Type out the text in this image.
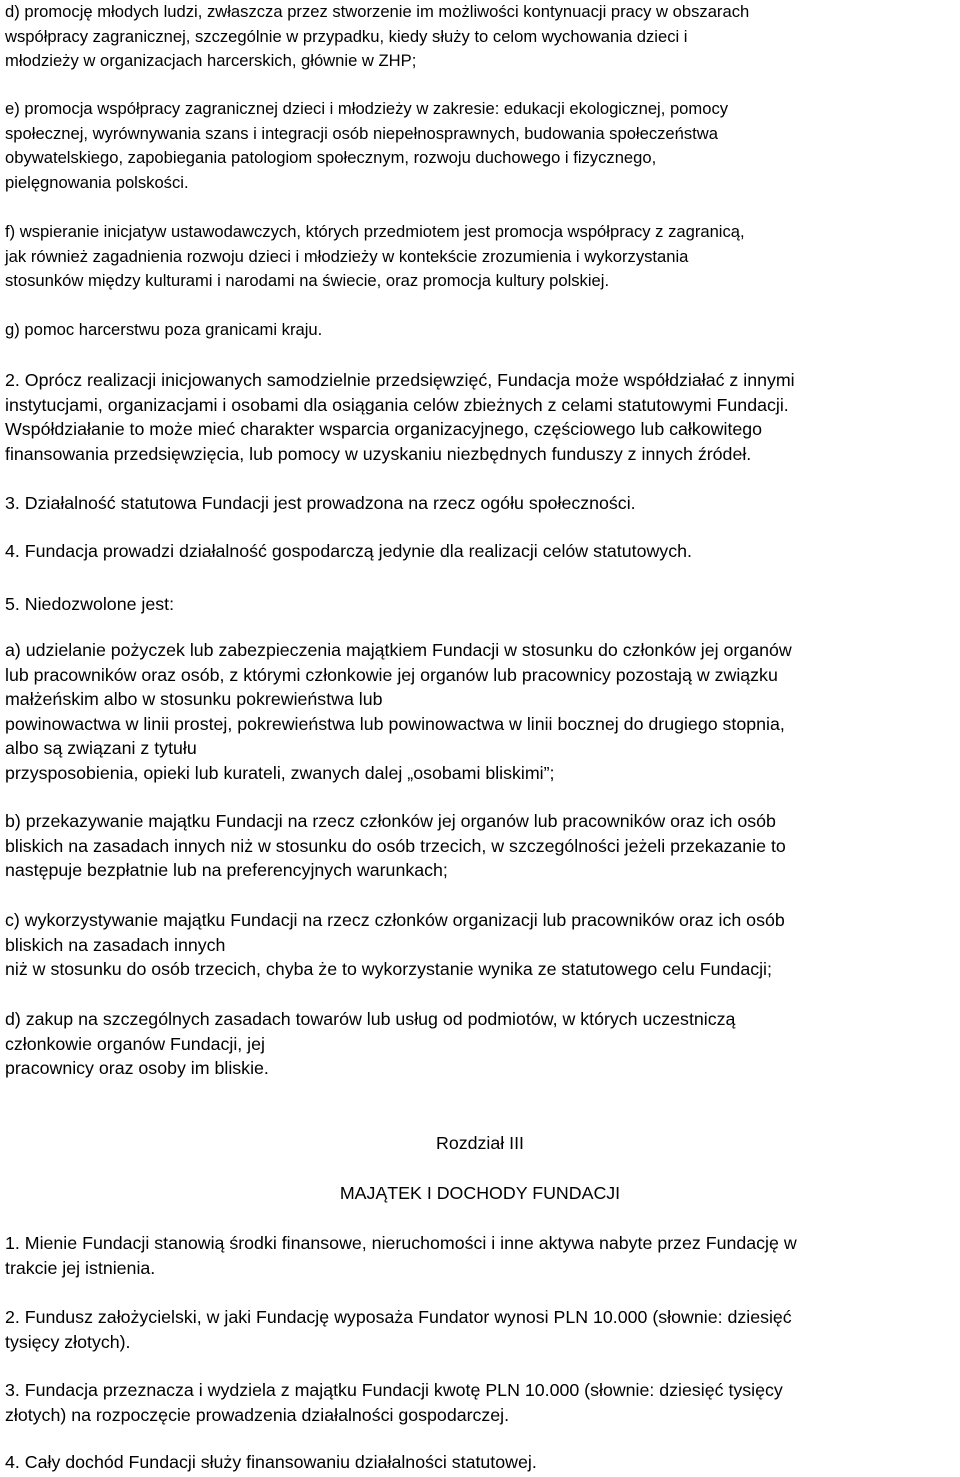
d) promocję młodych ludzi, zwłaszcza przez stworzenie im możliwości kontynuacji pracy w obszarach
współpracy zagranicznej, szczególnie w przypadku, kiedy służy to celom wychowania dzieci i
młodzieży w organizacjach harcerskich, głównie w ZHP;

e) promocja współpracy zagranicznej dzieci i młodzieży w zakresie: edukacji ekologicznej, pomocy
społecznej, wyrównywania szans i integracji osób niepełnosprawnych, budowania społeczeństwa
obywatelskiego, zapobiegania patologiom społecznym, rozwoju duchowego i fizycznego,
pielęgnowania polskości.

f) wspieranie inicjatyw ustawodawczych, których przedmiotem jest promocja współpracy z zagranicą,
jak również zagadnienia rozwoju dzieci i młodzieży w kontekście zrozumienia i wykorzystania
stosunków między kulturami i narodami na świecie, oraz promocja kultury polskiej.

g) pomoc harcerstwu poza granicami kraju.

2. Oprócz realizacji inicjowanych samodzielnie przedsięwzięć, Fundacja może współdziałać z innymi
instytucjami, organizacjami i osobami dla osiągania celów zbieżnych z celami statutowymi Fundacji.
Współdziałanie to może mieć charakter wsparcia organizacyjnego, częściowego lub całkowitego
finansowania przedsięwzięcia, lub pomocy w uzyskaniu niezbędnych funduszy z innych źródeł.

3. Działalność statutowa Fundacji jest prowadzona na rzecz ogółu społeczności.

4. Fundacja prowadzi działalność gospodarczą jedynie dla realizacji celów statutowych.

5. Niedozwolone jest:

a) udzielanie pożyczek lub zabezpieczenia majątkiem Fundacji w stosunku do członków jej organów
lub pracowników oraz osób, z którymi członkowie jej organów lub pracownicy pozostają w związku
małżeńskim albo w stosunku pokrewieństwa lub
powinowactwa w linii prostej, pokrewieństwa lub powinowactwa w linii bocznej do drugiego stopnia,
albo są związani z tytułu
przysposobienia, opieki lub kurateli, zwanych dalej „osobami bliskimi”;

b) przekazywanie majątku Fundacji na rzecz członków jej organów lub pracowników oraz ich osób
bliskich na zasadach innych niż w stosunku do osób trzecich, w szczególności jeżeli przekazanie to
następuje bezpłatnie lub na preferencyjnych warunkach;

c) wykorzystywanie majątku Fundacji na rzecz członków organizacji lub pracowników oraz ich osób
bliskich na zasadach innych
niż w stosunku do osób trzecich, chyba że to wykorzystanie wynika ze statutowego celu Fundacji;

d) zakup na szczególnych zasadach towarów lub usług od podmiotów, w których uczestniczą
członkowie organów Fundacji, jej
pracownicy oraz osoby im bliskie.

Rozdział III

MAJĄTEK I DOCHODY FUNDACJI

1. Mienie Fundacji stanowią środki finansowe, nieruchomości i inne aktywa nabyte przez Fundację w
trakcie jej istnienia.

2. Fundusz założycielski, w jaki Fundację wyposaża Fundator wynosi PLN 10.000 (słownie: dziesięć
tysięcy złotych).

3. Fundacja przeznacza i wydziela z majątku Fundacji kwotę PLN 10.000 (słownie: dziesięć tysięcy
złotych) na rozpoczęcie prowadzenia działalności gospodarczej.

4. Cały dochód Fundacji służy finansowaniu działalności statutowej.
